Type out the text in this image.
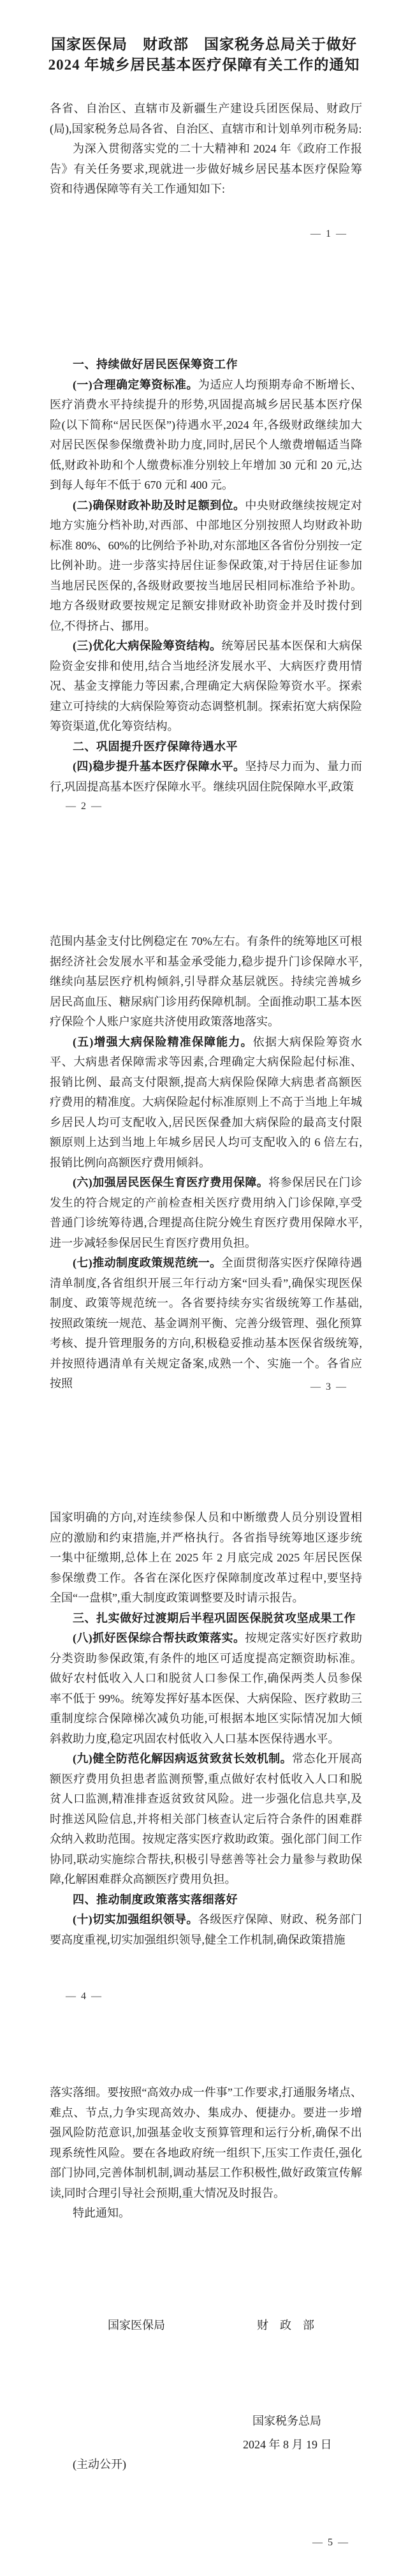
国家医保局　财政部　国家税务总局关于做好
2024 年城乡居民基本医疗保障有关工作的通知

各省、自治区、直辖市及新疆生产建设兵团医保局、财政厅(局),国家税务总局各省、自治区、直辖市和计划单列市税务局:

为深入贯彻落实党的二十大精神和 2024 年《政府工作报告》有关任务要求,现就进一步做好城乡居民基本医疗保险筹资和待遇保障等有关工作通知如下:

— 1 —

一、持续做好居民医保筹资工作

(一)合理确定筹资标准。为适应人均预期寿命不断增长、医疗消费水平持续提升的形势,巩固提高城乡居民基本医疗保险(以下简称“居民医保”)待遇水平,2024 年,各级财政继续加大对居民医保参保缴费补助力度,同时,居民个人缴费增幅适当降低,财政补助和个人缴费标准分别较上年增加 30 元和 20 元,达到每人每年不低于 670 元和 400 元。

(二)确保财政补助及时足额到位。中央财政继续按规定对地方实施分档补助,对西部、中部地区分别按照人均财政补助标准 80%、60%的比例给予补助,对东部地区各省份分别按一定比例补助。进一步落实持居住证参保政策,对于持居住证参加当地居民医保的,各级财政要按当地居民相同标准给予补助。地方各级财政要按规定足额安排财政补助资金并及时拨付到位,不得挤占、挪用。

(三)优化大病保险筹资结构。统筹居民基本医保和大病保险资金安排和使用,结合当地经济发展水平、大病医疗费用情况、基金支撑能力等因素,合理确定大病保险筹资水平。探索建立可持续的大病保险筹资动态调整机制。探索拓宽大病保险筹资渠道,优化筹资结构。

二、巩固提升医疗保障待遇水平

(四)稳步提升基本医疗保障水平。坚持尽力而为、量力而行,巩固提高基本医疗保障水平。继续巩固住院保障水平,政策

— 2 —

范围内基金支付比例稳定在 70%左右。有条件的统筹地区可根据经济社会发展水平和基金承受能力,稳步提升门诊保障水平,继续向基层医疗机构倾斜,引导群众基层就医。持续完善城乡居民高血压、糖尿病门诊用药保障机制。全面推动职工基本医疗保险个人账户家庭共济使用政策落地落实。

(五)增强大病保险精准保障能力。依据大病保险筹资水平、大病患者保障需求等因素,合理确定大病保险起付标准、报销比例、最高支付限额,提高大病保险保障大病患者高额医疗费用的精准度。大病保险起付标准原则上不高于当地上年城乡居民人均可支配收入,居民医保叠加大病保险的最高支付限额原则上达到当地上年城乡居民人均可支配收入的 6 倍左右,报销比例向高额医疗费用倾斜。

(六)加强居民医保生育医疗费用保障。将参保居民在门诊发生的符合规定的产前检查相关医疗费用纳入门诊保障,享受普通门诊统筹待遇,合理提高住院分娩生育医疗费用保障水平,进一步减轻参保居民生育医疗费用负担。

(七)推动制度政策规范统一。全面贯彻落实医疗保障待遇清单制度,各省组织开展三年行动方案“回头看”,确保实现医保制度、政策等规范统一。各省要持续夯实省级统筹工作基础,按照政策统一规范、基金调剂平衡、完善分级管理、强化预算考核、提升管理服务的方向,积极稳妥推动基本医保省级统筹,并按照待遇清单有关规定备案,成熟一个、实施一个。各省应按照	— 3 —

国家明确的方向,对连续参保人员和中断缴费人员分别设置相应的激励和约束措施,并严格执行。各省指导统筹地区逐步统一集中征缴期,总体上在 2025 年 2 月底完成 2025 年居民医保参保缴费工作。各省在深化医疗保障制度改革过程中,要坚持全国“一盘棋”,重大制度政策调整要及时请示报告。

三、扎实做好过渡期后半程巩固医保脱贫攻坚成果工作

(八)抓好医保综合帮扶政策落实。按规定落实好医疗救助分类资助参保政策,有条件的地区可适度提高定额资助标准。做好农村低收入人口和脱贫人口参保工作,确保两类人员参保率不低于 99%。统筹发挥好基本医保、大病保险、医疗救助三重制度综合保障梯次减负功能,可根据本地区实际情况加大倾斜救助力度,稳定巩固农村低收入人口基本医保待遇水平。

(九)健全防范化解因病返贫致贫长效机制。常态化开展高额医疗费用负担患者监测预警,重点做好农村低收入人口和脱贫人口监测,精准排查返贫致贫风险。进一步强化信息共享,及时推送风险信息,并将相关部门核查认定后符合条件的困难群众纳入救助范围。按规定落实医疗救助政策。强化部门间工作协同,联动实施综合帮扶,积极引导慈善等社会力量参与救助保障,化解困难群众高额医疗费用负担。

四、推动制度政策落实落细落好

(十)切实加强组织领导。各级医疗保障、财政、税务部门要高度重视,切实加强组织领导,健全工作机制,确保政策措施

— 4 —

落实落细。要按照“高效办成一件事”工作要求,打通服务堵点、难点、节点,力争实现高效办、集成办、便捷办。要进一步增强风险防范意识,加强基金收支预算管理和运行分析,确保不出现系统性风险。要在各地政府统一组织下,压实工作责任,强化部门协同,完善体制机制,调动基层工作积极性,做好政策宣传解读,同时合理引导社会预期,重大情况及时报告。

特此通知。

国家医保局	财　政　部
国家税务总局
2024 年 8 月 19 日
(主动公开)
— 5 —
